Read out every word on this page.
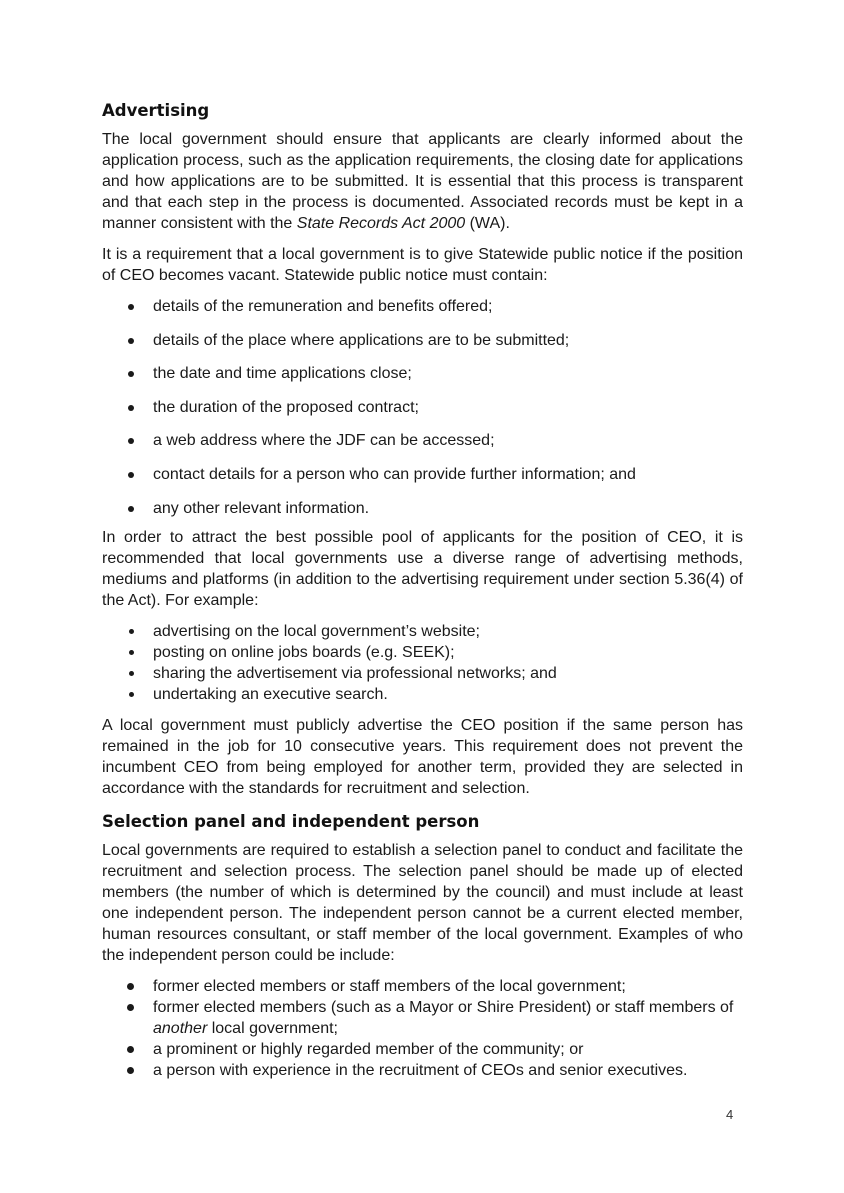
Advertising

The local government should ensure that applicants are clearly informed about the application process, such as the application requirements, the closing date for applications and how applications are to be submitted. It is essential that this process is transparent and that each step in the process is documented. Associated records must be kept in a manner consistent with the State Records Act 2000 (WA).

It is a requirement that a local government is to give Statewide public notice if the position of CEO becomes vacant. Statewide public notice must contain:

details of the remuneration and benefits offered;
details of the place where applications are to be submitted;
the date and time applications close;
the duration of the proposed contract;
a web address where the JDF can be accessed;
contact details for a person who can provide further information; and
any other relevant information.

In order to attract the best possible pool of applicants for the position of CEO, it is recommended that local governments use a diverse range of advertising methods, mediums and platforms (in addition to the advertising requirement under section 5.36(4) of the Act). For example:

advertising on the local government’s website;
posting on online jobs boards (e.g. SEEK);
sharing the advertisement via professional networks; and
undertaking an executive search.

A local government must publicly advertise the CEO position if the same person has remained in the job for 10 consecutive years. This requirement does not prevent the incumbent CEO from being employed for another term, provided they are selected in accordance with the standards for recruitment and selection.

Selection panel and independent person

Local governments are required to establish a selection panel to conduct and facilitate the recruitment and selection process. The selection panel should be made up of elected members (the number of which is determined by the council) and must include at least one independent person. The independent person cannot be a current elected member, human resources consultant, or staff member of the local government. Examples of who the independent person could be include:

former elected members or staff members of the local government;
former elected members (such as a Mayor or Shire President) or staff members of another local government;
a prominent or highly regarded member of the community; or
a person with experience in the recruitment of CEOs and senior executives.
4
